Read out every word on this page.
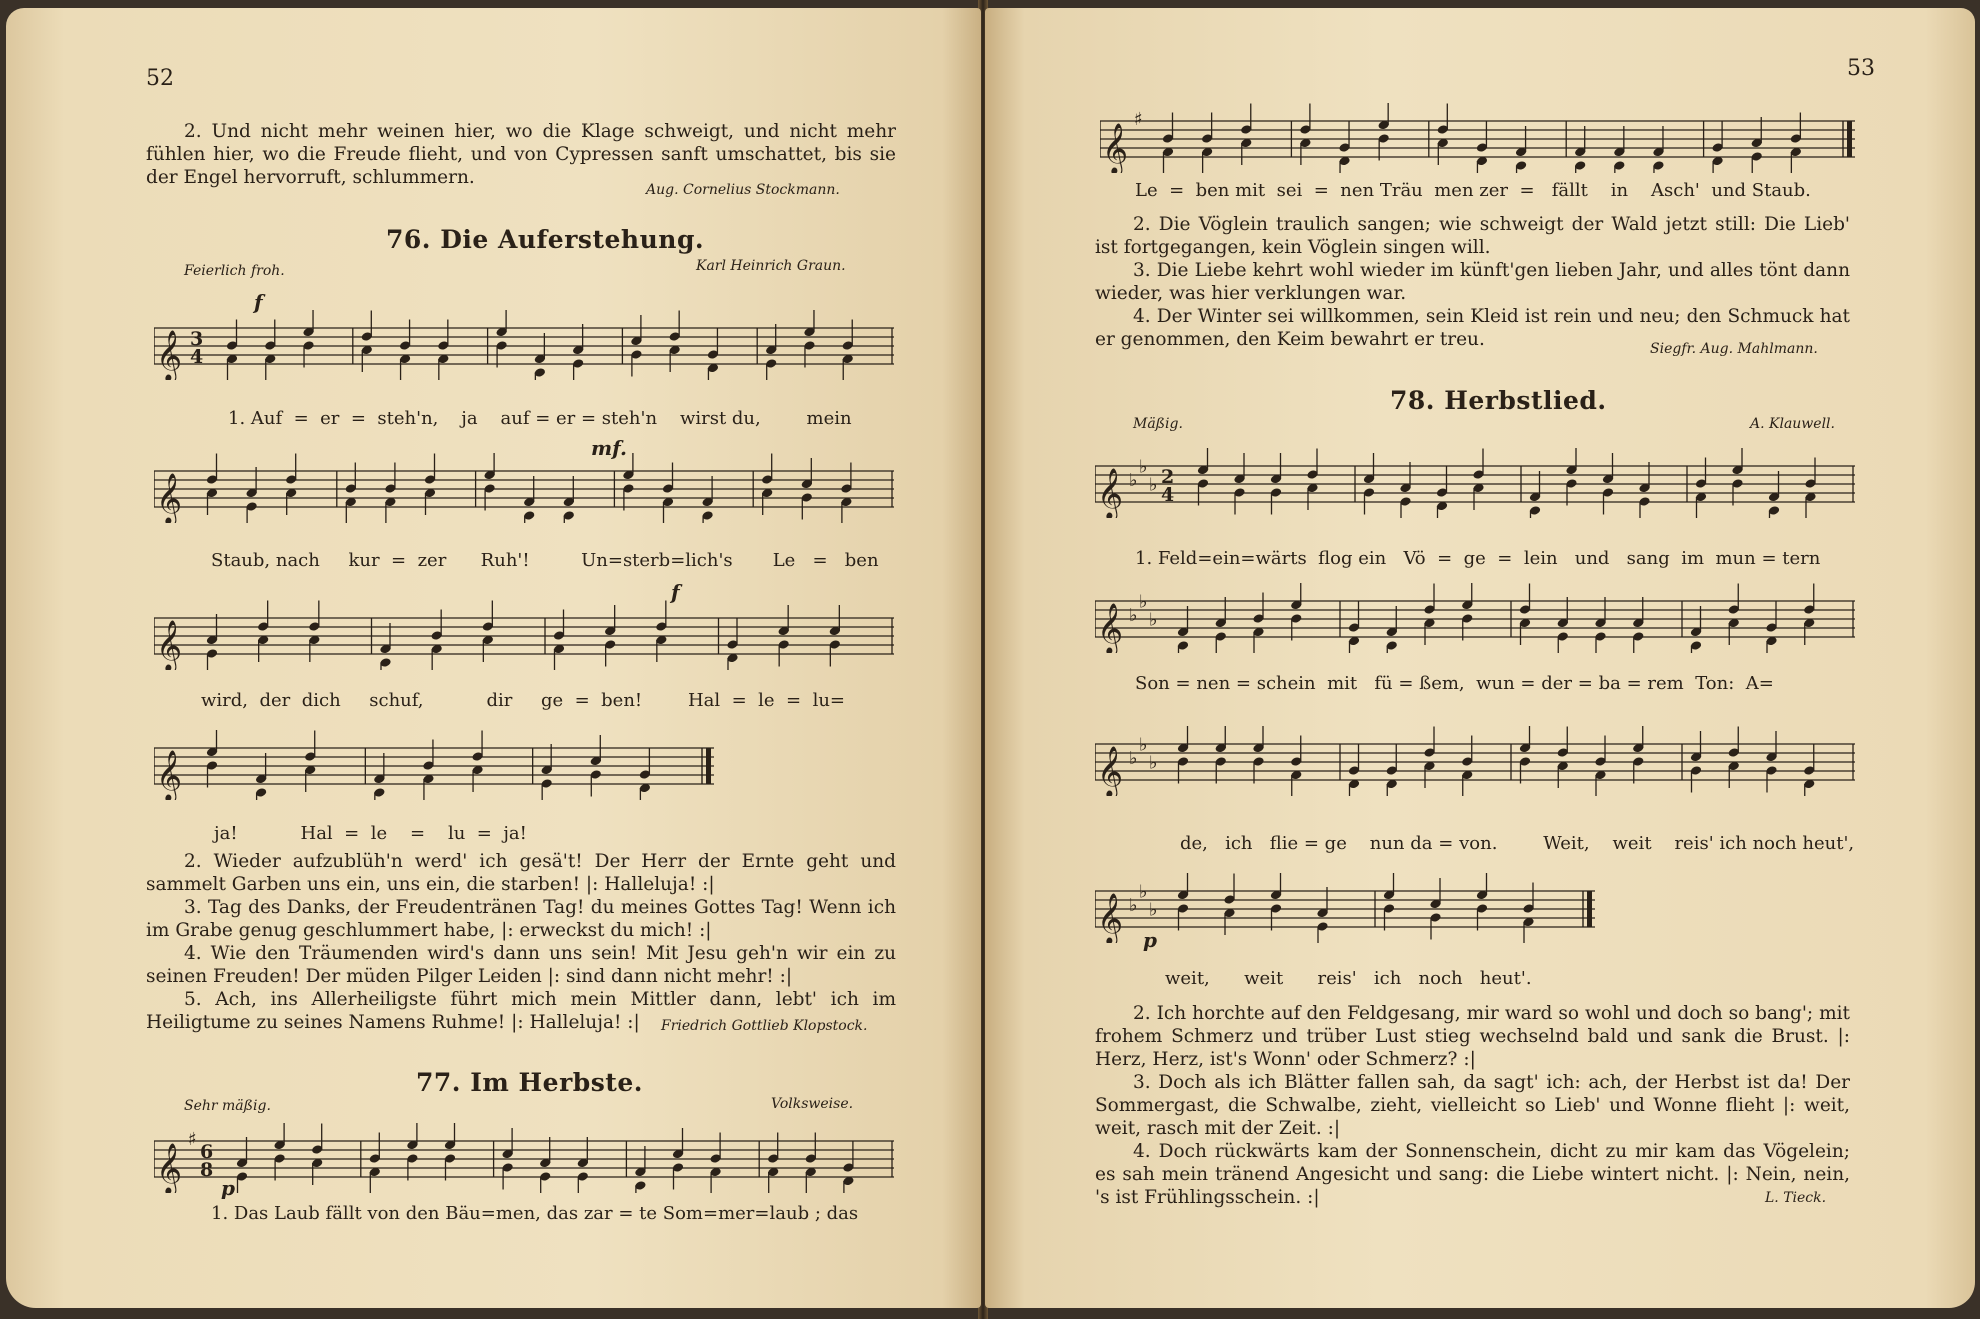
52

2. Und nicht mehr weinen hier, wo die Klage schweigt, und nicht mehr fühlen hier, wo die Freude flieht, und von Cypressen sanft umschattet, bis sie der Engel hervorruft, schlummern.

Aug. Cornelius Stockmann.
76. Die Auferstehung.
Feierlich froh.	Karl Heinrich Graun.
f
𝄞 3
4
1. Auf = er = steh'n, ja auf = er = steh'n wirst du,	mein
mf.
𝄞
Staub, nach kur = zer Ruh'!	Un=sterb=lich's Le = ben
f
𝄞
wird, der dich schuf,	dir ge = ben!	Hal = le = lu=
𝄞
ja!	Hal = le = lu = ja!

2. Wieder aufzublüh'n werd' ich gesä't! Der Herr der Ernte geht und sammelt Garben uns ein, uns ein, die starben! |: Halleluja! :|

3. Tag des Danks, der Freudentränen Tag! du meines Gottes Tag! Wenn ich im Grabe genug geschlummert habe, |: erweckst du mich! :|

4. Wie den Träumenden wird's dann uns sein! Mit Jesu geh'n wir ein zu seinen Freuden! Der müden Pilger Leiden |: sind dann nicht mehr! :|

5. Ach, ins Allerheiligste führt mich mein Mittler dann, lebt' ich im Heiligtume zu seines Namens Ruhme! |: Halleluja! :|	Friedrich Gottlieb Klopstock.
77. Im Herbste.
Sehr mäßig.	Volksweise.
p
𝄞
♯
6
8
1. Das Laub fällt von den Bäu=men, das zar = te Som=mer=laub ; das
53
𝄞
♯
Le = ben mit sei = nen Träu men zer = fällt in Asch' und Staub.

2. Die Vöglein traulich sangen; wie schweigt der Wald jetzt still: Die Lieb' ist fortgegangen, kein Vöglein singen will.

3. Die Liebe kehrt wohl wieder im künft'gen lieben Jahr, und alles tönt dann wieder, was hier verklungen war.

4. Der Winter sei willkommen, sein Kleid ist rein und neu; den Schmuck hat er genommen, den Keim bewahrt er treu.	Siegfr. Aug. Mahlmann.
78. Herbstlied.
Mäßig.	A. Klauwell.
𝄞 ♭
♭
♭ 2
4
1. Feld=ein=wärts flog ein Vö = ge = lein und sang im mun = tern
𝄞 ♭
♭
♭
Son = nen = schein mit fü = ßem, wun = der = ba = rem Ton: A=
𝄞 ♭
♭
♭
de, ich flie = ge nun da = von.	Weit, weit reis' ich noch heut',
p
𝄞 ♭
♭
♭
weit, weit reis' ich noch heut'.

2. Ich horchte auf den Feldgesang, mir ward so wohl und doch so bang'; mit frohem Schmerz und trüber Lust stieg wechselnd bald und sank die Brust. |: Herz, Herz, ist's Wonn' oder Schmerz? :|

3. Doch als ich Blätter fallen sah, da sagt' ich: ach, der Herbst ist da! Der Sommergast, die Schwalbe, zieht, vielleicht so Lieb' und Wonne flieht |: weit, weit, rasch mit der Zeit. :|

4. Doch rückwärts kam der Sonnenschein, dicht zu mir kam das Vögelein; es sah mein tränend Angesicht und sang: die Liebe wintert nicht. |: Nein, nein, 's ist Frühlingsschein. :|	L. Tieck.
